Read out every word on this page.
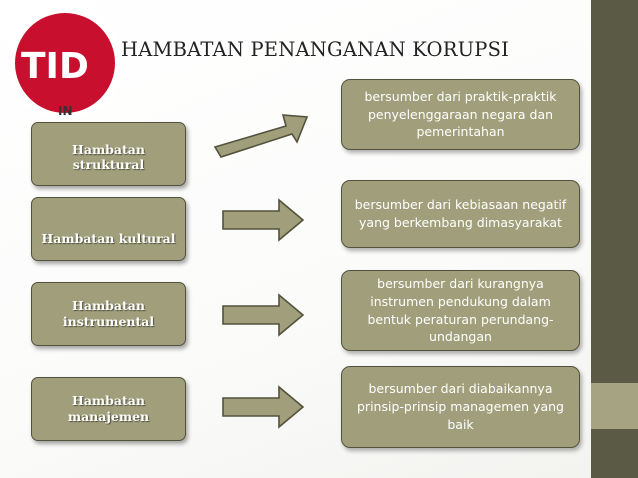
TID
IN
HAMBATAN PENANGANAN KORUPSI
Hambatan struktural
bersumber dari praktik-praktik penyelenggaraan negara dan pemerintahan
Hambatan kultural
bersumber dari kebiasaan negatif yang berkembang dimasyarakat
Hambatan
instrumental
bersumber dari kurangnya instrumen pendukung dalam bentuk peraturan perundang-undangan
Hambatan
manajemen
bersumber dari diabaikannya prinsip-prinsip managemen yang baik
